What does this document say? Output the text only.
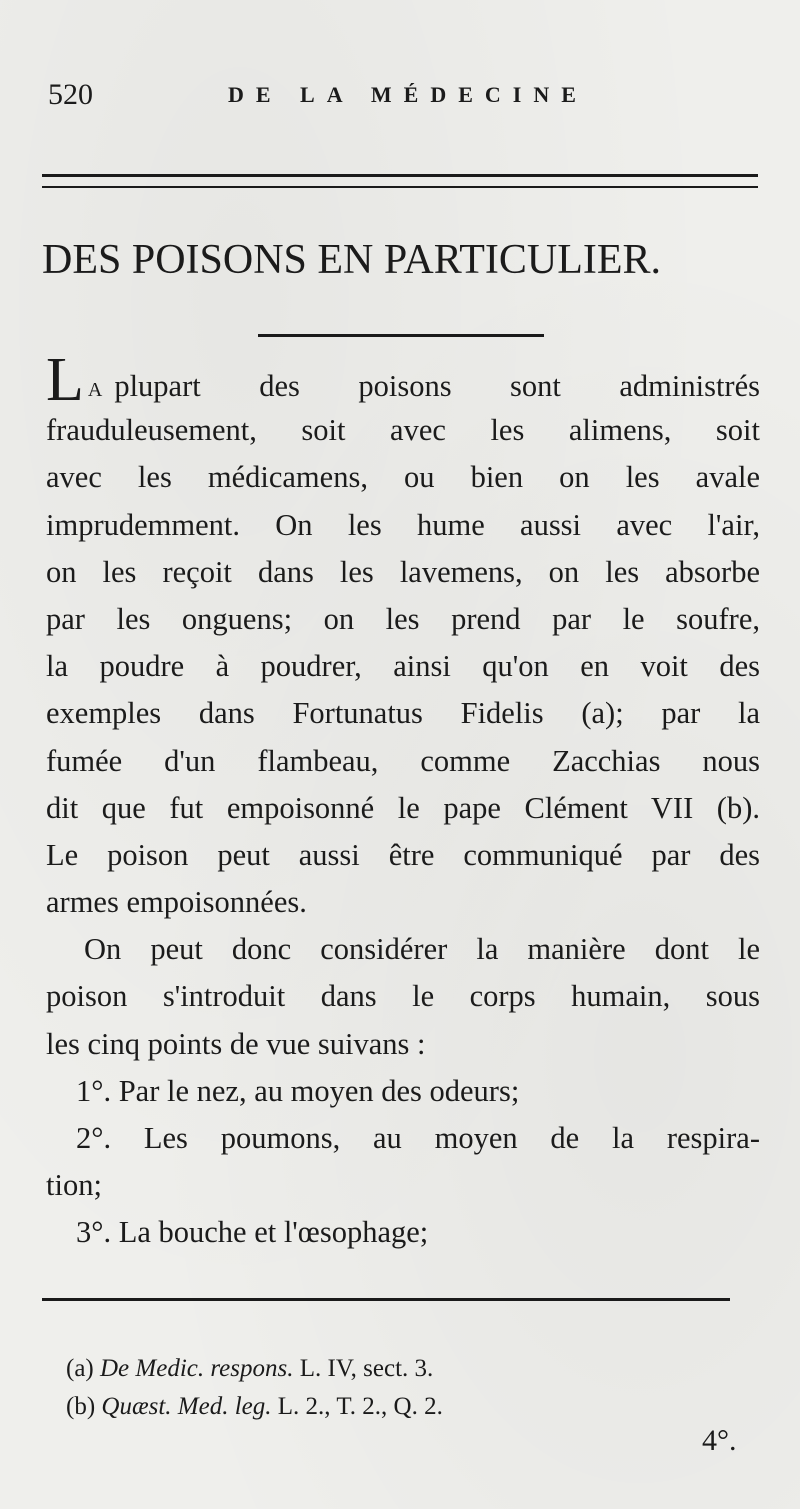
520	DE LA MÉDECINE
DES POISONS EN PARTICULIER.
L A plupart des poisons sont administrés
frauduleusement, soit avec les alimens, soit
avec les médicamens, ou bien on les avale
imprudemment. On les hume aussi avec l'air,
on les reçoit dans les lavemens, on les absorbe
par les onguens; on les prend par le soufre,
la poudre à poudrer, ainsi qu'on en voit des
exemples dans Fortunatus Fidelis (a); par la
fumée d'un flambeau, comme Zacchias nous
dit que fut empoisonné le pape Clément VII (b).
Le poison peut aussi être communiqué par des
armes empoisonnées.
On peut donc considérer la manière dont le
poison s'introduit dans le corps humain, sous
les cinq points de vue suivans :
1°. Par le nez, au moyen des odeurs;
2°. Les poumons, au moyen de la respira-
tion;
3°. La bouche et l'œsophage;
(a) De Medic. respons. L. IV, sect. 3.
(b) Quæst. Med. leg. L. 2., T. 2., Q. 2.
4°.
